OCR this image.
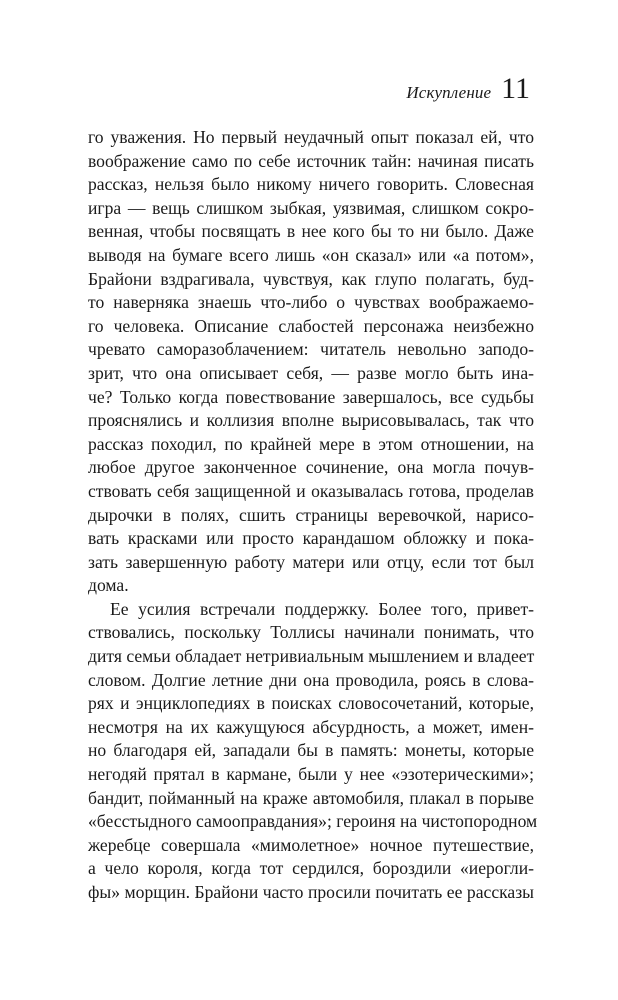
Искупление 11
го уважения. Но первый неудачный опыт показал ей, что
воображение само по себе источник тайн: начиная писать
рассказ, нельзя было никому ничего говорить. Словесная
игра — вещь слишком зыбкая, уязвимая, слишком сокро-
венная, чтобы посвящать в нее кого бы то ни было. Даже
выводя на бумаге всего лишь «он сказал» или «а потом»,
Брайони вздрагивала, чувствуя, как глупо полагать, буд-
то наверняка знаешь что-либо о чувствах воображаемо-
го человека. Описание слабостей персонажа неизбежно
чревато саморазоблачением: читатель невольно заподо-
зрит, что она описывает себя, — разве могло быть ина-
че? Только когда повествование завершалось, все судьбы
прояснялись и коллизия вполне вырисовывалась, так что
рассказ походил, по крайней мере в этом отношении, на
любое другое законченное сочинение, она могла почув-
ствовать себя защищенной и оказывалась готова, проделав
дырочки в полях, сшить страницы веревочкой, нарисо-
вать красками или просто карандашом обложку и пока-
зать завершенную работу матери или отцу, если тот был
дома.
Ее усилия встречали поддержку. Более того, привет-
ствовались, поскольку Толлисы начинали понимать, что
дитя семьи обладает нетривиальным мышлением и владеет
словом. Долгие летние дни она проводила, роясь в слова-
рях и энциклопедиях в поисках словосочетаний, которые,
несмотря на их кажущуюся абсурдность, а может, имен-
но благодаря ей, западали бы в память: монеты, которые
негодяй прятал в кармане, были у нее «эзотерическими»;
бандит, пойманный на краже автомобиля, плакал в порыве
«бесстыдного самооправдания»; героиня на чистопородном
жеребце совершала «мимолетное» ночное путешествие,
а чело короля, когда тот сердился, бороздили «иерогли-
фы» морщин. Брайони часто просили почитать ее рассказы
